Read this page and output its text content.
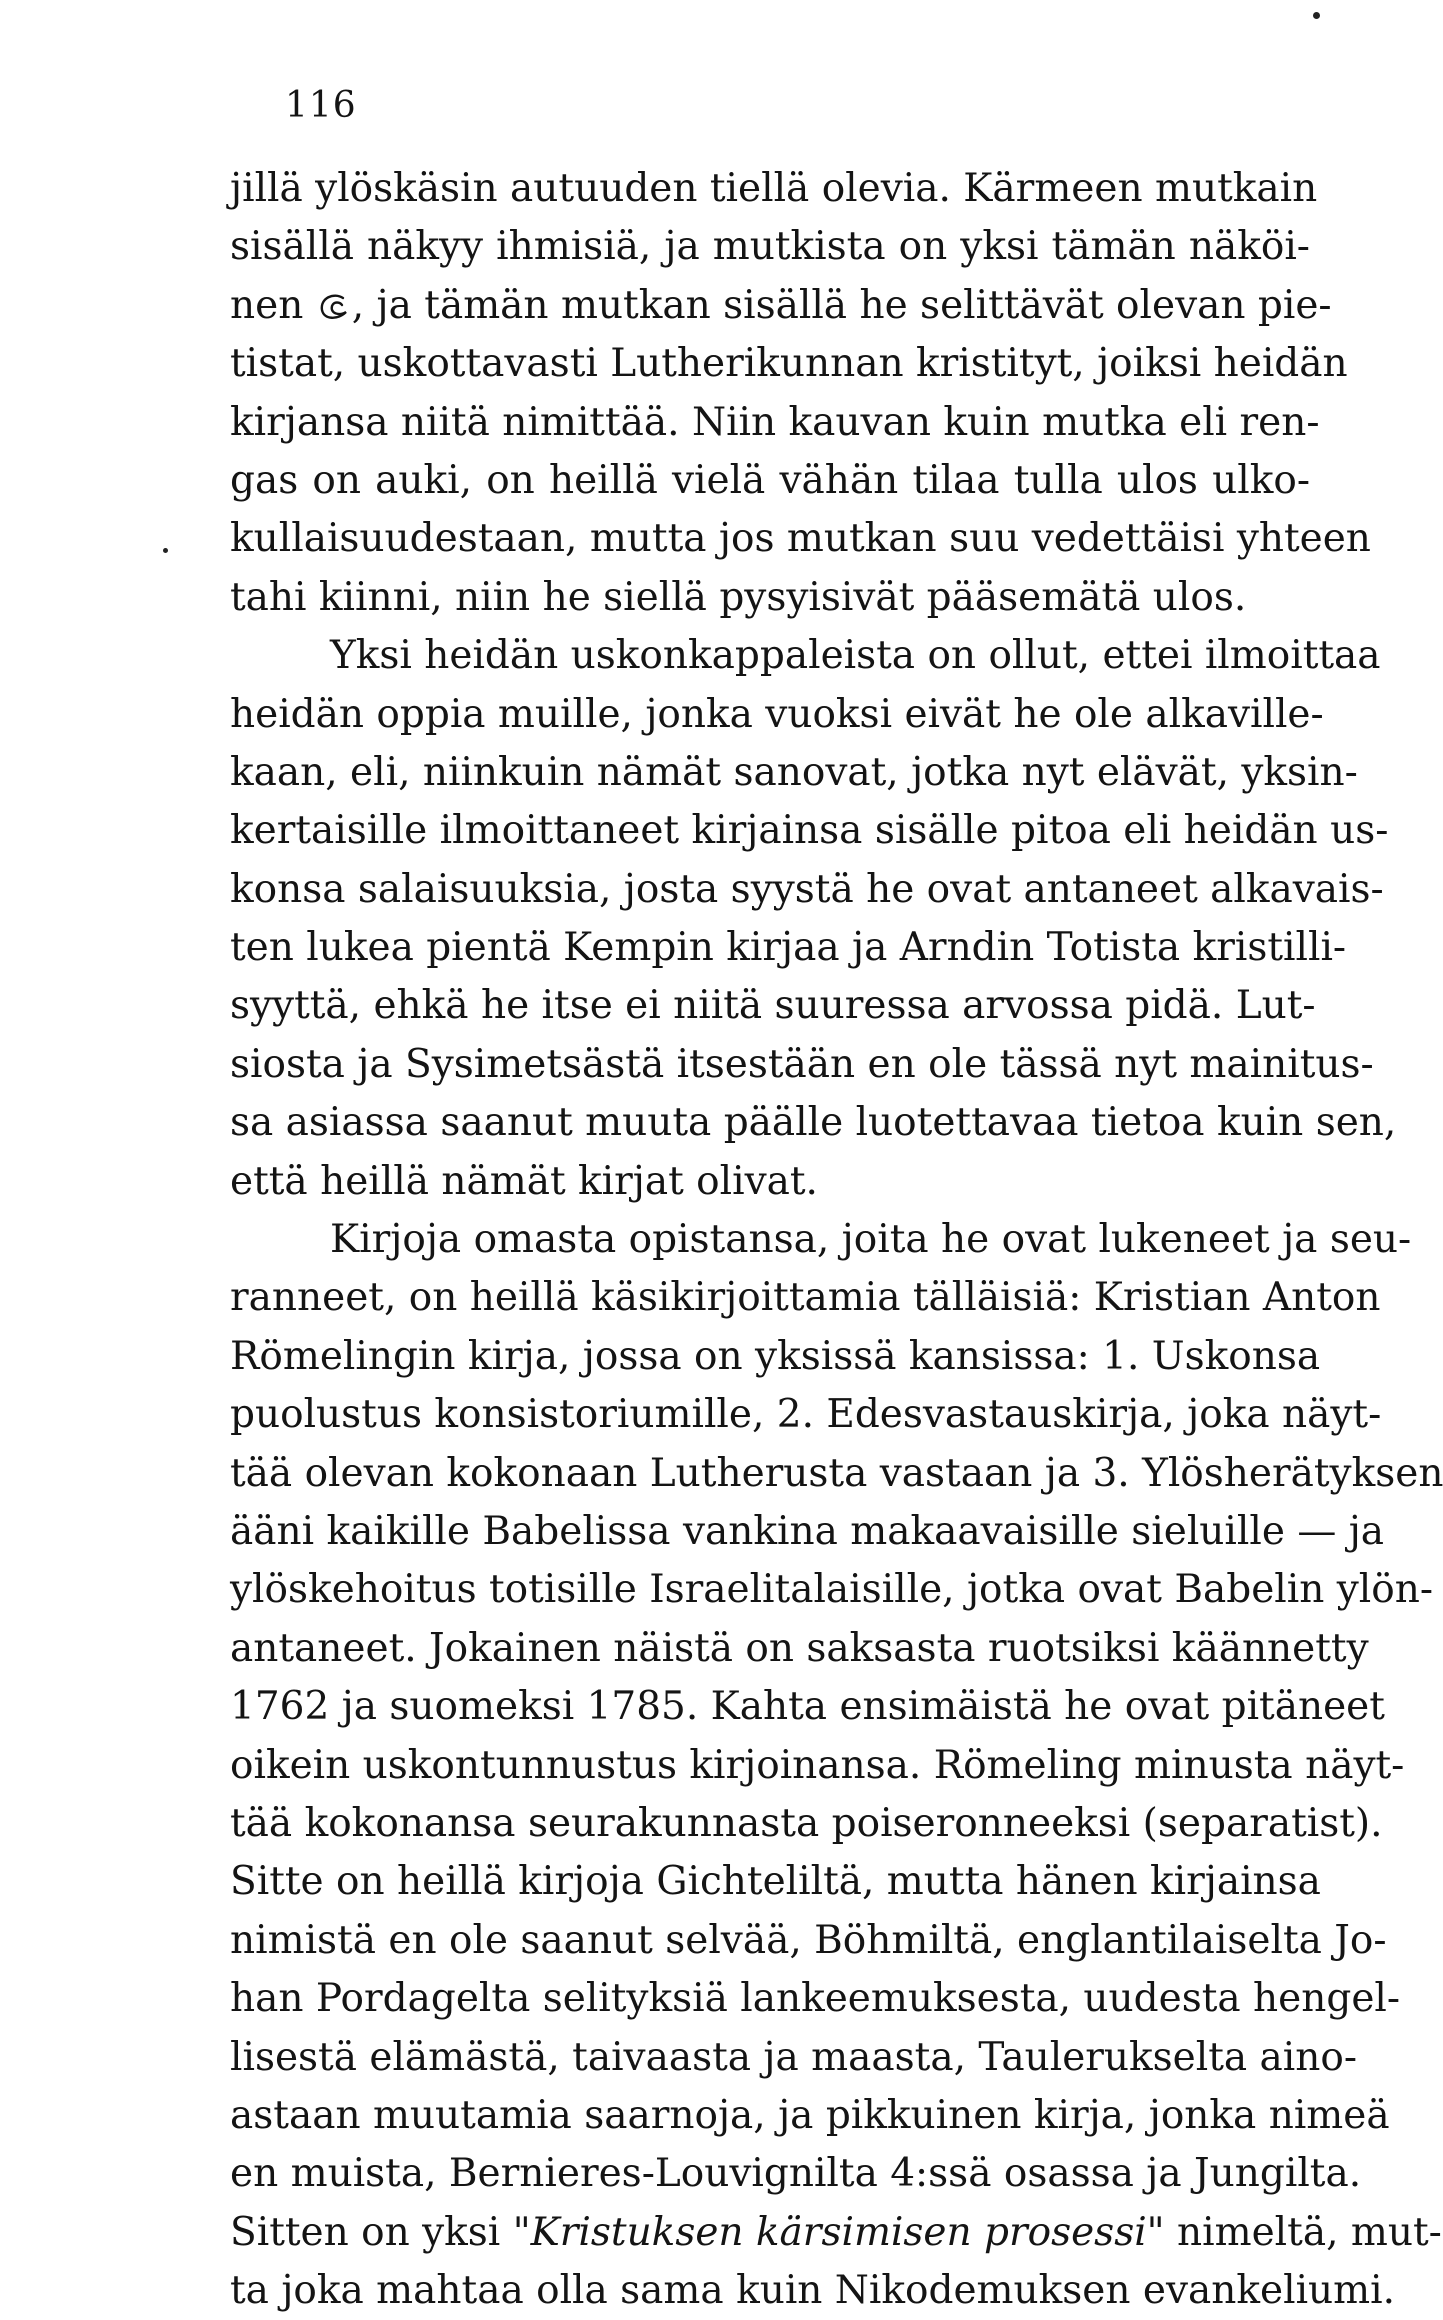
116
jillä ylöskäsin autuuden tiellä olevia. Kärmeen mutkain
sisällä näkyy ihmisiä, ja mutkista on yksi tämän näköi-
nen , ja tämän mutkan sisällä he selittävät olevan pie-
tistat, uskottavasti Lutherikunnan kristityt, joiksi heidän
kirjansa niitä nimittää. Niin kauvan kuin mutka eli ren-
gas on auki, on heillä vielä vähän tilaa tulla ulos ulko-
kullaisuudestaan, mutta jos mutkan suu vedettäisi yhteen
tahi kiinni, niin he siellä pysyisivät pääsemätä ulos.
Yksi heidän uskonkappaleista on ollut, ettei ilmoittaa
heidän oppia muille, jonka vuoksi eivät he ole alkaville-
kaan, eli, niinkuin nämät sanovat, jotka nyt elävät, yksin-
kertaisille ilmoittaneet kirjainsa sisälle pitoa eli heidän us-
konsa salaisuuksia, josta syystä he ovat antaneet alkavais-
ten lukea pientä Kempin kirjaa ja Arndin Totista kristilli-
syyttä, ehkä he itse ei niitä suuressa arvossa pidä. Lut-
siosta ja Sysimetsästä itsestään en ole tässä nyt mainitus-
sa asiassa saanut muuta päälle luotettavaa tietoa kuin sen,
että heillä nämät kirjat olivat.
Kirjoja omasta opistansa, joita he ovat lukeneet ja seu-
ranneet, on heillä käsikirjoittamia tälläisiä: Kristian Anton
Römelingin kirja, jossa on yksissä kansissa: 1. Uskonsa
puolustus konsistoriumille, 2. Edesvastauskirja, joka näyt-
tää olevan kokonaan Lutherusta vastaan ja 3. Ylösherätyksen
ääni kaikille Babelissa vankina makaavaisille sieluille — ja
ylöskehoitus totisille Israelitalaisille, jotka ovat Babelin ylön-
antaneet. Jokainen näistä on saksasta ruotsiksi käännetty
1762 ja suomeksi 1785. Kahta ensimäistä he ovat pitäneet
oikein uskontunnustus kirjoinansa. Römeling minusta näyt-
tää kokonansa seurakunnasta poiseronneeksi (separatist).
Sitte on heillä kirjoja Gichteliltä, mutta hänen kirjainsa
nimistä en ole saanut selvää, Böhmiltä, englantilaiselta Jo-
han Pordagelta selityksiä lankeemuksesta, uudesta hengel-
lisestä elämästä, taivaasta ja maasta, Taulerukselta aino-
astaan muutamia saarnoja, ja pikkuinen kirja, jonka nimeä
en muista, Bernieres-Louvignilta 4:ssä osassa ja Jungilta.
Sitten on yksi "Kristuksen kärsimisen prosessi" nimeltä, mut-
ta joka mahtaa olla sama kuin Nikodemuksen evankeliumi.
